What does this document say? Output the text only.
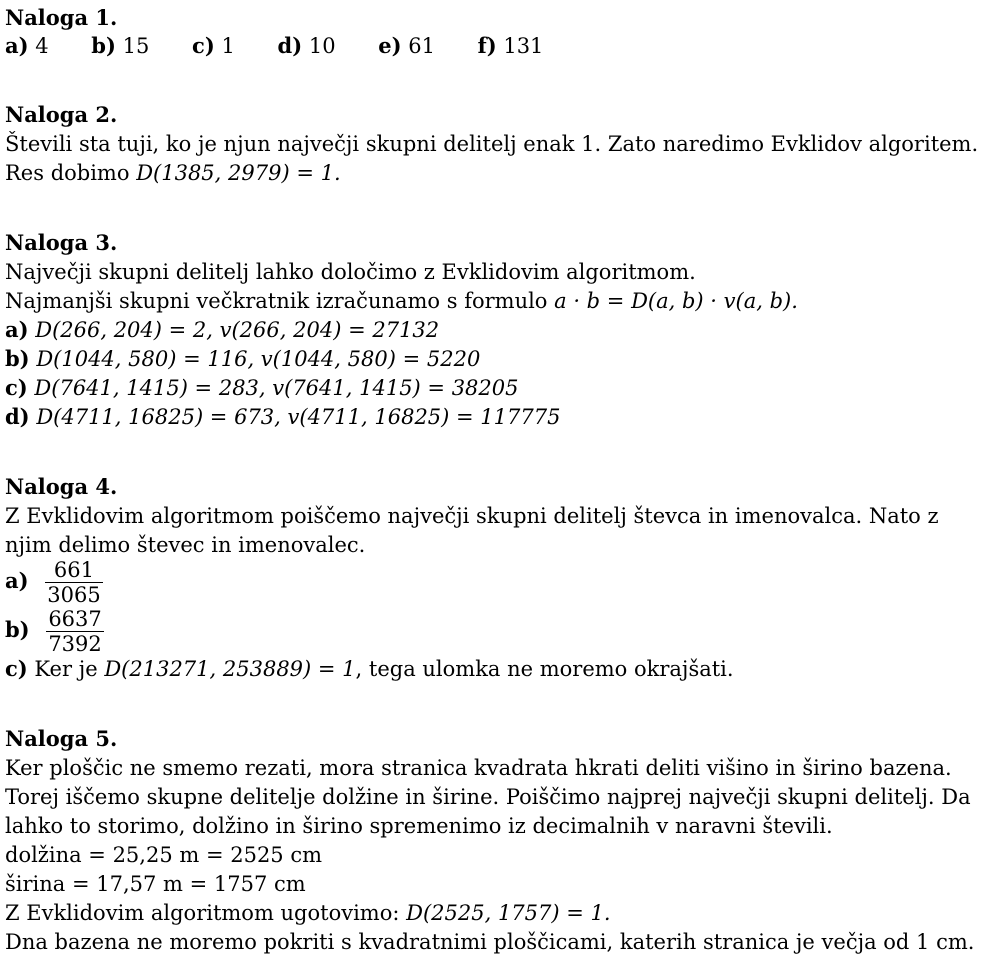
Naloga 1.
a) 4 b) 15 c) 1 d) 10 e) 61 f) 131
Naloga 2.
Števili sta tuji, ko je njun največji skupni delitelj enak 1. Zato naredimo Evklidov algoritem.
Res dobimo D(1385, 2979) = 1.
Naloga 3.
Največji skupni delitelj lahko določimo z Evklidovim algoritmom.
Najmanjši skupni večkratnik izračunamo s formulo a · b = D(a, b) · v(a, b).
a) D(266, 204) = 2, v(266, 204) = 27132
b) D(1044, 580) = 116, v(1044, 580) = 5220
c) D(7641, 1415) = 283, v(7641, 1415) = 38205
d) D(4711, 16825) = 673, v(4711, 16825) = 117775
Naloga 4.
Z Evklidovim algoritmom poiščemo največji skupni delitelj števca in imenovalca. Nato z
njim delimo števec in imenovalec.
$a) \frac{661}{3065}$
$b) \frac{6637}{7392}$
c) Ker je D(213271, 253889) = 1, tega ulomka ne moremo okrajšati.
Naloga 5.
Ker ploščic ne smemo rezati, mora stranica kvadrata hkrati deliti višino in širino bazena.
Torej iščemo skupne delitelje dolžine in širine. Poiščimo najprej največji skupni delitelj. Da
lahko to storimo, dolžino in širino spremenimo iz decimalnih v naravni števili.
dolžina = 25,25 m = 2525 cm
širina = 17,57 m = 1757 cm
Z Evklidovim algoritmom ugotovimo: D(2525, 1757) = 1.
Dna bazena ne moremo pokriti s kvadratnimi ploščicami, katerih stranica je večja od 1 cm.
